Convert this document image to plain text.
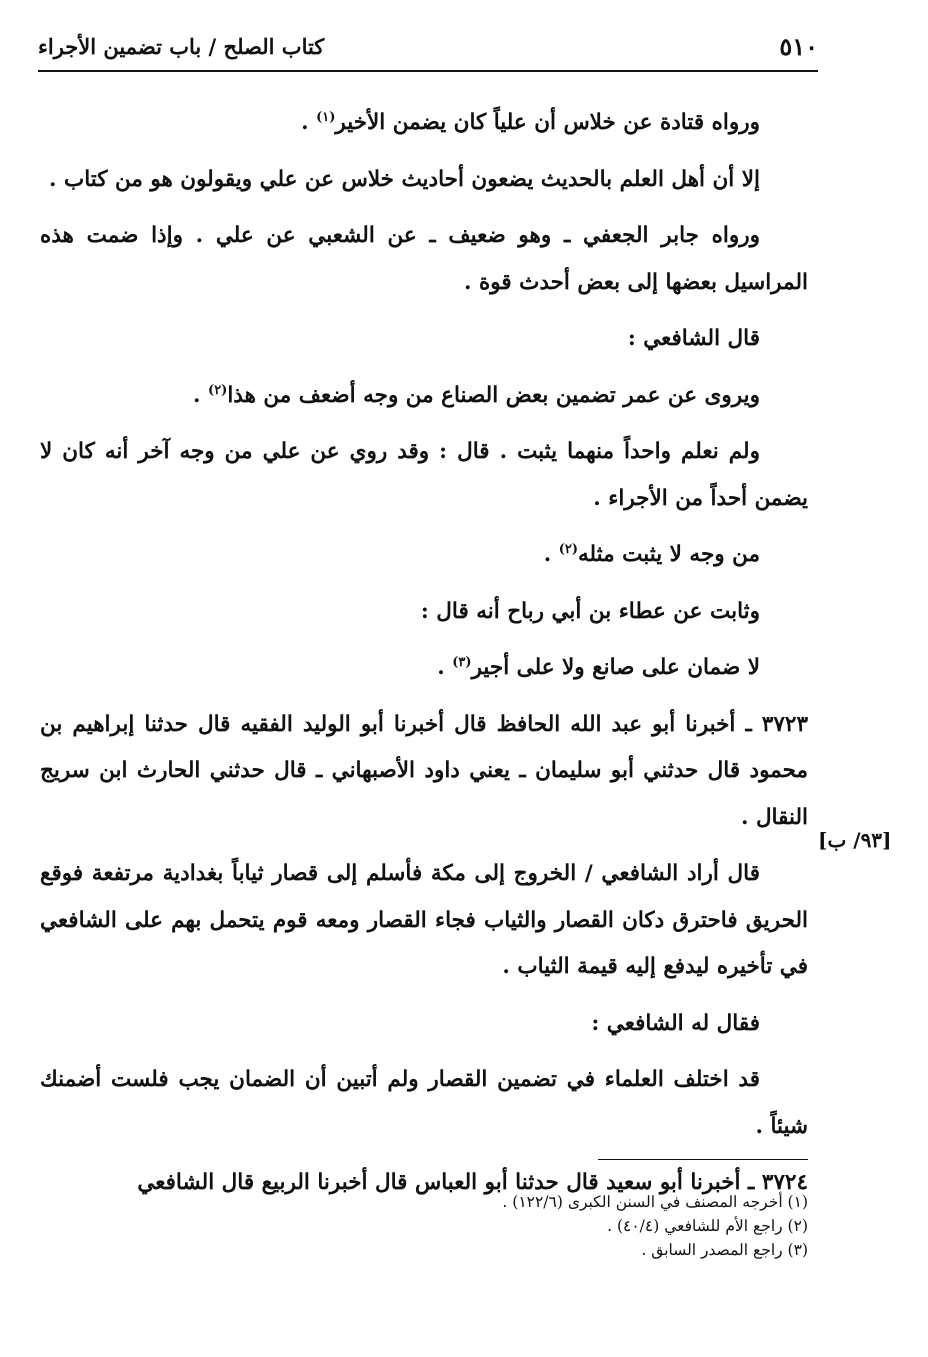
٥١٠
كتاب الصلح / باب تضمين الأجراء

ورواه قتادة عن خلاس أن علياً كان يضمن الأخير$^{(١)}$ .

إلا أن أهل العلم بالحديث يضعون أحاديث خلاس عن علي ويقولون هو من كتاب .

ورواه جابر الجعفي ـ وهو ضعيف ـ عن الشعبي عن علي . وإذا ضمت هذه المراسيل بعضها إلى بعض أحدث قوة .

قال الشافعي :

ويروى عن عمر تضمين بعض الصناع من وجه أضعف من هذا$^{(٢)}$ .

ولم نعلم واحداً منهما يثبت . قال : وقد روي عن علي من وجه آخر أنه كان لا يضمن أحداً من الأجراء .

من وجه لا يثبت مثله$^{(٢)}$ .

وثابت عن عطاء بن أبي رباح أنه قال :

لا ضمان على صانع ولا على أجير$^{(٣)}$ .

٣٧٢٣ ـ أخبرنا أبو عبد الله الحافظ قال أخبرنا أبو الوليد الفقيه قال حدثنا إبراهيم بن محمود قال حدثني أبو سليمان ـ يعني داود الأصبهاني ـ قال حدثني الحارث ابن سريج النقال .

قال أراد الشافعي / الخروج إلى مكة فأسلم إلى قصار ثياباً بغدادية مرتفعة فوقع الحريق فاحترق دكان القصار والثياب فجاء القصار ومعه قوم يتحمل بهم على الشافعي في تأخيره ليدفع إليه قيمة الثياب .

فقال له الشافعي :

قد اختلف العلماء في تضمين القصار ولم أتبين أن الضمان يجب فلست أضمنك شيئاً .

٣٧٢٤ ـ أخبرنا أبو سعيد قال حدثنا أبو العباس قال أخبرنا الربيع قال الشافعي

[٩٣/ ب]
(١) أخرجه المصنف في السنن الكبرى (١٢٢/٦) .
(٢) راجع الأم للشافعي (٤٠/٤) .
(٣) راجع المصدر السابق .
